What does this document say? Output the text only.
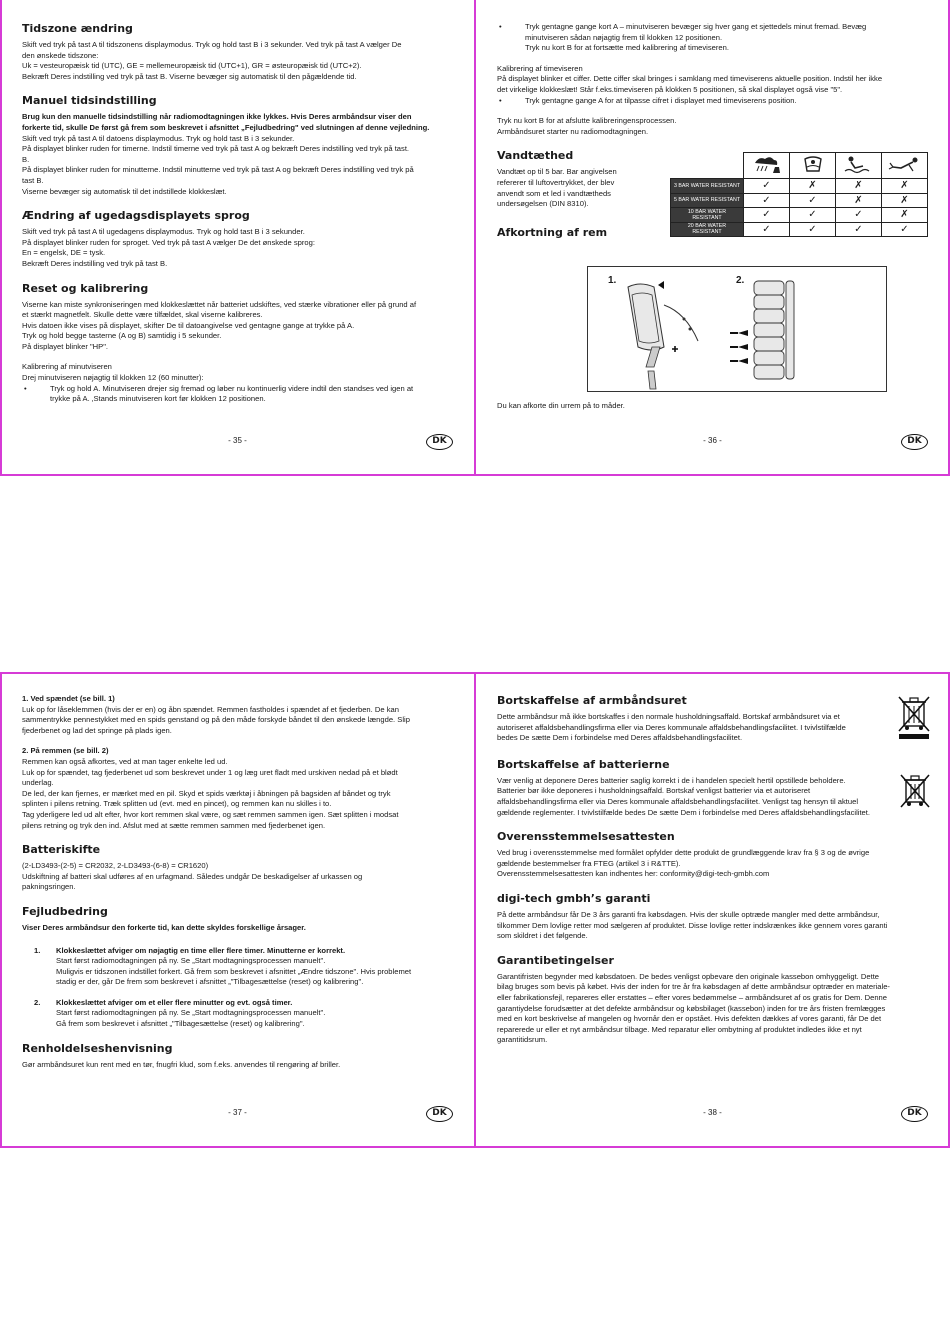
Tidszone ændring

Skift ved tryk på tast A til tidszonens displaymodus. Tryk og hold tast B i 3 sekunder. Ved tryk på tast A vælger De

den ønskede tidszone:

Uk = vesteuropæisk tid (UTC), GE = mellemeuropæisk tid (UTC+1), GR = østeuropæisk tid (UTC+2).

Bekræft Deres indstilling ved tryk på tast B. Viserne bevæger sig automatisk til den pågældende tid.

Manuel tidsindstilling

Brug kun den manuelle tidsindstilling når radiomodtagningen ikke lykkes. Hvis Deres armbåndsur viser den

forkerte tid, skulle De først gå frem som beskrevet i afsnittet „Fejludbedring" ved slutningen af denne vejledning.

Skift ved tryk på tast A til datoens displaymodus. Tryk og hold tast B i 3 sekunder.

På displayet blinker ruden for timerne. Indstil timerne ved tryk på tast A og bekræft Deres indstilling ved tryk på tast.

B.

På displayet blinker ruden for minutterne. Indstil minutterne ved tryk på tast A og bekræft Deres indstilling ved tryk på

tast B.

Viserne bevæger sig automatisk til det indstillede klokkeslæt.

Ændring af ugedagsdisplayets sprog

Skift ved tryk på tast A til ugedagens displaymodus. Tryk og hold tast B i 3 sekunder.

På displayet blinker ruden for sproget. Ved tryk på tast A vælger De det ønskede sprog:

En = engelsk, DE = tysk.

Bekræft Deres indstilling ved tryk på tast B.

Reset og kalibrering

Viserne kan miste synkroniseringen med klokkeslættet når batteriet udskiftes, ved stærke vibrationer eller på grund af

et stærkt magnetfelt. Skulle dette være tilfældet, skal viserne kalibreres.

Hvis datoen ikke vises på displayet, skifter De til datoangivelse ved gentagne gange at trykke på A.

Tryk og hold begge tasterne (A og B) samtidig i 5 sekunder.

På displayet blinker "HP".

Kalibrering af minutviseren

Drej minutviseren nøjagtig til klokken 12 (60 minutter):

•	Tryk og hold A. Minutviseren drejer sig fremad og løber nu kontinuerlig videre indtil den standses ved igen at

trykke på A. ‚Stands minutviseren kort før klokken 12 positionen.

- 35 -	DK
•	Tryk gentagne gange kort A – minutviseren bevæger sig hver gang et sjettedels minut fremad. Bevæg

minutviseren sådan nøjagtig frem til klokken 12 positionen.

Tryk nu kort B for at fortsætte med kalibrering af timeviseren.

Kalibrering af timeviseren

På displayet blinker et ciffer. Dette ciffer skal bringes i samklang med timeviserens aktuelle position. Indstil her ikke

det virkelige klokkeslæt! Står f.eks.timeviseren på klokken 5 positionen, så skal displayet også vise "5".

•	Tryk gentagne gange A for at tilpasse cifret i displayet med timeviserens position.

Tryk nu kort B for at afslutte kalibreringensprocessen.

Armbåndsuret starter nu radiomodtagningen.

Vandtæthed

Vandtæt op til 5 bar. Bar angivelsen

refererer til luftovertrykket, der blev

anvendt som et led i vandtætheds

undersøgelsen (DIN 8310).

Afkortning af rem

Du kan afkorte din urrem på to måder.

- 36 -	DK

3 BAR WATER RESISTANT	✓	✗	✗	✗
5 BAR WATER RESISTANT	✓	✓	✗	✗
10 BAR WATER RESISTANT	✓	✓	✓	✗
20 BAR WATER RESISTANT	✓	✓	✓	✓
1.	2.

1. Ved spændet (se bill. 1)

Luk op for låseklemmen (hvis der er en) og åbn spændet. Remmen fastholdes i spændet af et fjederben. De kan

sammentrykke pennestykket med en spids genstand og på den måde forskyde båndet til den ønskede længde. Slip

fjederbenet og lad det springe på plads igen.

2. På remmen (se bill. 2)

Remmen kan også afkortes, ved at man tager enkelte led ud.

Luk op for spændet, tag fjederbenet ud som beskrevet under 1 og læg uret fladt med urskiven nedad på et blødt

underlag.

De led, der kan fjernes, er mærket med en pil. Skyd et spids værktøj i åbningen på bagsiden af båndet og tryk

splinten i pilens retning. Træk splitten ud (evt. med en pincet), og remmen kan nu skilles i to.

Tag yderligere led ud alt efter, hvor kort remmen skal være, og sæt remmen sammen igen. Sæt splitten i modsat

pilens retning og tryk den ind. Afslut med at sætte remmen sammen med fjederbenet igen.

Batteriskifte

(2-LD3493-(2-5) = CR2032, 2-LD3493-(6-8) = CR1620)

Udskiftning af batteri skal udføres af en urfagmand. Således undgår De beskadigelser af urkassen og

pakningsringen.

Fejludbedring

Viser Deres armbåndsur den forkerte tid, kan dette skyldes forskellige årsager.

1.	Klokkeslættet afviger om nøjagtig en time eller flere timer. Minutterne er korrekt.

Start først radiomodtagningen på ny. Se „Start modtagningsprocessen manuelt".

Muligvis er tidszonen indstillet forkert. Gå frem som beskrevet i afsnittet „Ændre tidszone". Hvis problemet

stadig er der, går De frem som beskrevet i afsnittet „"Tilbagesættelse (reset) og kalibrering".

2.	Klokkeslættet afviger om et eller flere minutter og evt. også timer.

Start først radiomodtagningen på ny. Se „Start modtagningsprocessen manuelt".

Gå frem som beskrevet i afsnittet „"Tilbagesættelse (reset) og kalibrering".

Renholdelseshenvisning

Gør armbåndsuret kun rent med en tør, fnugfri klud, som f.eks. anvendes til rengøring af briller.

- 37 -	DK
Bortskaffelse af armbåndsuret

Dette armbåndsur må ikke bortskaffes i den normale husholdningsaffald. Bortskaf armbåndsuret via et

autoriseret affaldsbehandlingsfirma eller via Deres kommunale affaldsbehandlingsfacilitet. I tvivlstilfælde

bedes De sætte Dem i forbindelse med Deres affaldsbehandlingsfacilitet.

Bortskaffelse af batterierne

Vær venlig at deponere Deres batterier saglig korrekt i de i handelen specielt hertil opstillede beholdere.

Batterier bør ikke deponeres i husholdningsaffald. Bortskaf venligst batterier via et autoriseret

affaldsbehandlingsfirma eller via Deres kommunale affaldsbehandlingsfacilitet. Venligst tag hensyn til aktuel

gældende reglementer. I tvivlstilfælde bedes De sætte Dem i forbindelse med Deres affaldsbehandlingsfacilitet.

Overensstemmelsesattesten

Ved brug i overensstemmelse med formålet opfylder dette produkt de grundlæggende krav fra § 3 og de øvrige

gældende bestemmelser fra FTEG (artikel 3 i R&TTE).

Overensstemmelsesattesten kan indhentes her: conformity@digi-tech-gmbh.com

digi-tech gmbh’s garanti

På dette armbåndsur får De 3 års garanti fra købsdagen. Hvis der skulle optræde mangler med dette armbåndsur,

tilkommer Dem lovlige retter mod sælgeren af produktet. Disse lovlige retter indskrænkes ikke gennem vores garanti

som skildret i det følgende.

Garantibetingelser

Garantifristen begynder med købsdatoen. De bedes venligst opbevare den originale kassebon omhyggeligt. Dette

bilag bruges som bevis på købet. Hvis der inden for tre år fra købsdagen af dette armbåndsur optræder en materiale-

eller fabrikationsfejl, repareres eller erstattes – efter vores bedømmelse – armbåndsuret af os gratis for Dem. Denne

garantiydelse forudsætter at det defekte armbåndsur og købsbilaget (kassebon) inden for tre års fristen fremlægges

med en kort beskrivelse af mangelen og hvornår den er opstået. Hvis defekten dækkes af vores garanti, får De det

reparerede ur eller et nyt armbåndsur tilbage. Med reparatur eller ombytning af produktet indledes ikke et nyt

garantitidsrum.

- 38 -	DK
